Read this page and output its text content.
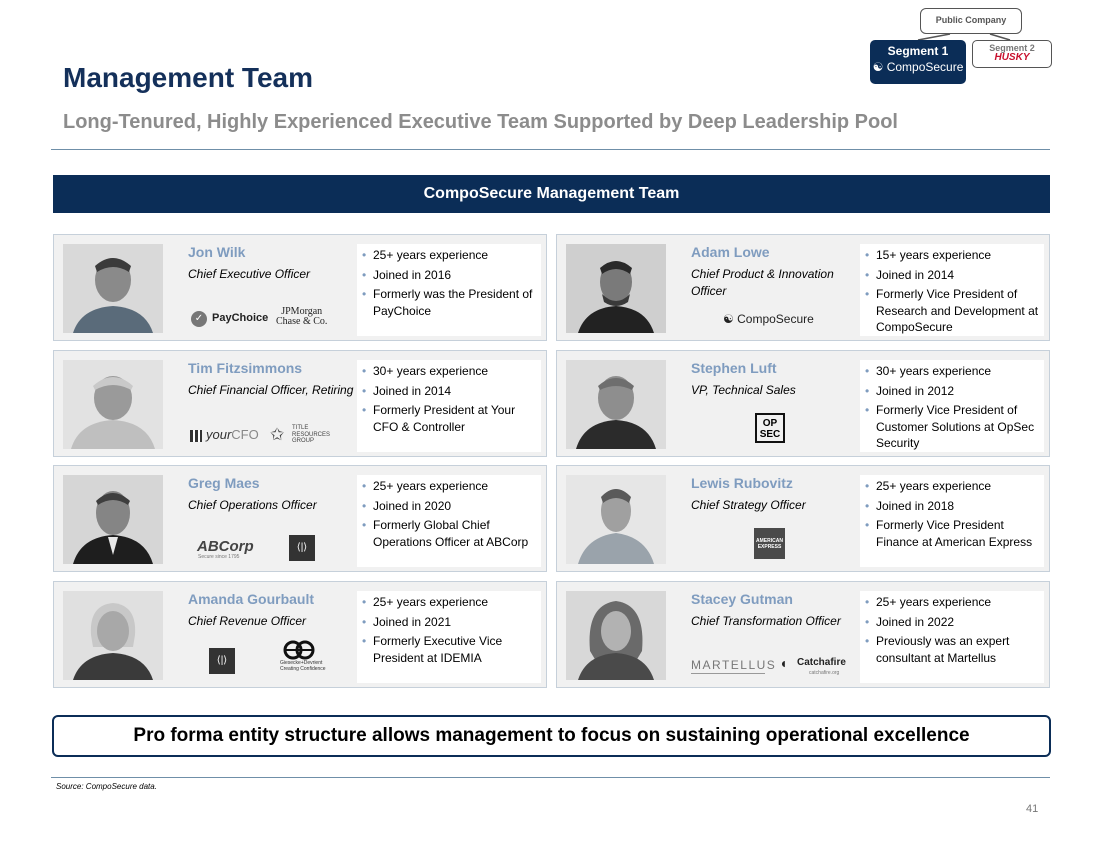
Management Team
Long-Tenured, Highly Experienced Executive Team Supported by Deep Leadership Pool
Public Company
Segment 1
☯ CompoSecure
Segment 2
HUSKY
CompoSecure Management Team
Jon Wilk
Chief Executive Officer
✓ PayChoice
JPMorgan
Chase & Co.
• 25+ years experience
• Joined in 2016
• Formerly was the President of PayChoice
Adam Lowe
Chief Product & Innovation Officer
☯ CompoSecure
• 15+ years experience
• Joined in 2014
• Formerly Vice President of Research and Development at CompoSecure
Tim Fitzsimmons
Chief Financial Officer, Retiring
yourCFO ✩ TITLE
RESOURCES
GROUP
• 30+ years experience
• Joined in 2014
• Formerly President at Your CFO & Controller
Stephen Luft
VP, Technical Sales
OP
SEC
• 30+ years experience
• Joined in 2012
• Formerly Vice President of Customer Solutions at OpSec Security
Greg Maes
Chief Operations Officer
ABCorp
Secure since 1795
⟨|⟩
• 25+ years experience
• Joined in 2020
• Formerly Global Chief Operations Officer at ABCorp
Lewis Rubovitz
Chief Strategy Officer
AMERICAN
EXPRESS
• 25+ years experience
• Joined in 2018
• Formerly Vice President Finance at American Express
Amanda Gourbault
Chief Revenue Officer
⟨|⟩	Giesecke+Devrient
Creating Confidence
• 25+ years experience
• Joined in 2021
• Formerly Executive Vice President at IDEMIA
Stacey Gutman
Chief Transformation Officer
MARTELLUS ◖ Catchafire
catchafire.org
• 25+ years experience
• Joined in 2022
• Previously was an expert consultant at Martellus
Pro forma entity structure allows management to focus on sustaining operational excellence
Source: CompoSecure data.
41
